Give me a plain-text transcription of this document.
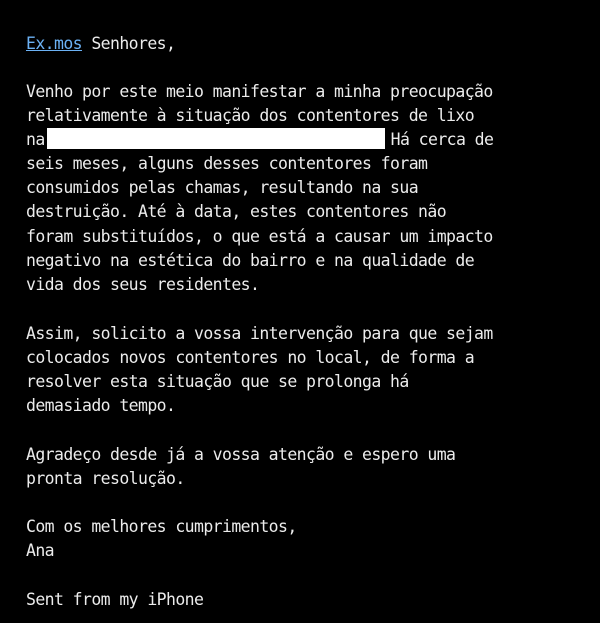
Ex.mos Senhores,
Venho por este meio manifestar a minha preocupação
relativamente à situação dos contentores de lixo
na	Há cerca de
seis meses, alguns desses contentores foram
consumidos pelas chamas, resultando na sua
destruição. Até à data, estes contentores não
foram substituídos, o que está a causar um impacto
negativo na estética do bairro e na qualidade de
vida dos seus residentes.
Assim, solicito a vossa intervenção para que sejam
colocados novos contentores no local, de forma a
resolver esta situação que se prolonga há
demasiado tempo.
Agradeço desde já a vossa atenção e espero uma
pronta resolução.
Com os melhores cumprimentos,
Ana
Sent from my iPhone
